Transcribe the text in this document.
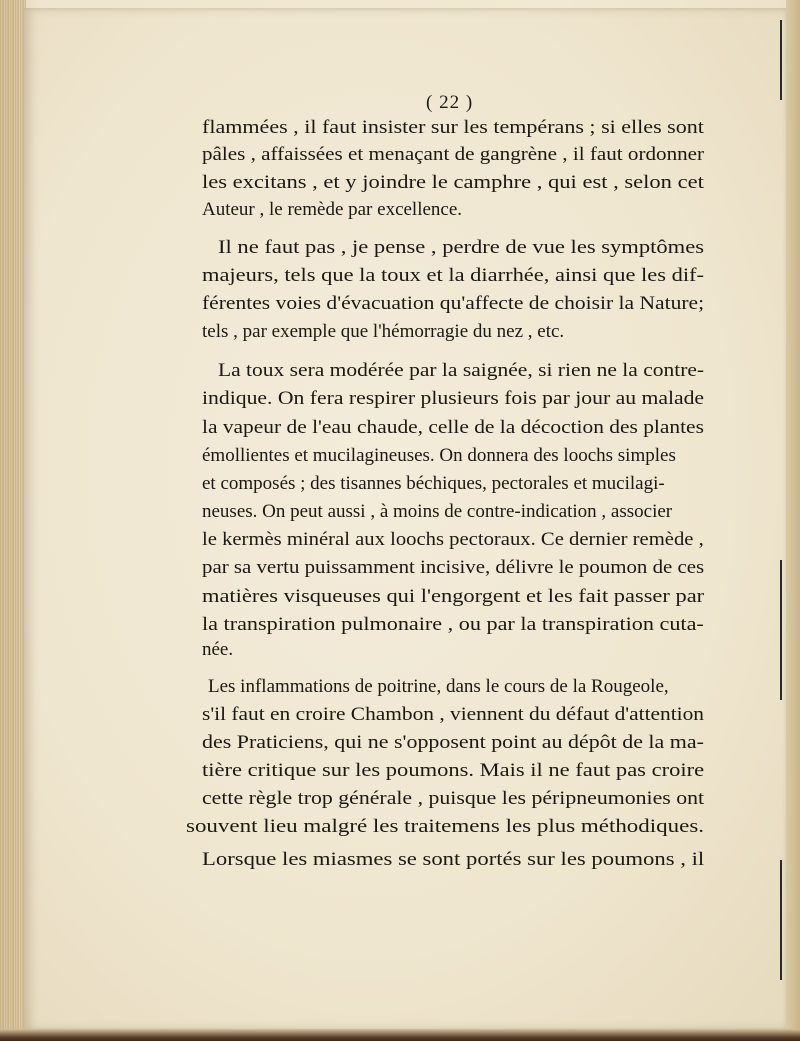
( 22 )
flammées , il faut insister sur les tempérans ; si elles sont
pâles , affaissées et menaçant de gangrène , il faut ordonner
les excitans , et y joindre le camphre , qui est , selon cet
Auteur , le remède par excellence.
Il ne faut pas , je pense , perdre de vue les symptômes
majeurs, tels que la toux et la diarrhée, ainsi que les dif-
férentes voies d'évacuation qu'affecte de choisir la Nature;
tels , par exemple que l'hémorragie du nez , etc.
La toux sera modérée par la saignée, si rien ne la contre-
indique. On fera respirer plusieurs fois par jour au malade
la vapeur de l'eau chaude, celle de la décoction des plantes
émollientes et mucilagineuses. On donnera des loochs simples
et composés ; des tisannes béchiques, pectorales et mucilagi-
neuses. On peut aussi , à moins de contre-indication , associer
le kermès minéral aux loochs pectoraux. Ce dernier remède ,
par sa vertu puissamment incisive, délivre le poumon de ces
matières visqueuses qui l'engorgent et les fait passer par
la transpiration pulmonaire , ou par la transpiration cuta-
née.
Les inflammations de poitrine, dans le cours de la Rougeole,
s'il faut en croire Chambon , viennent du défaut d'attention
des Praticiens, qui ne s'opposent point au dépôt de la ma-
tière critique sur les poumons. Mais il ne faut pas croire
cette règle trop générale , puisque les péripneumonies ont
souvent lieu malgré les traitemens les plus méthodiques.
Lorsque les miasmes se sont portés sur les poumons , il
